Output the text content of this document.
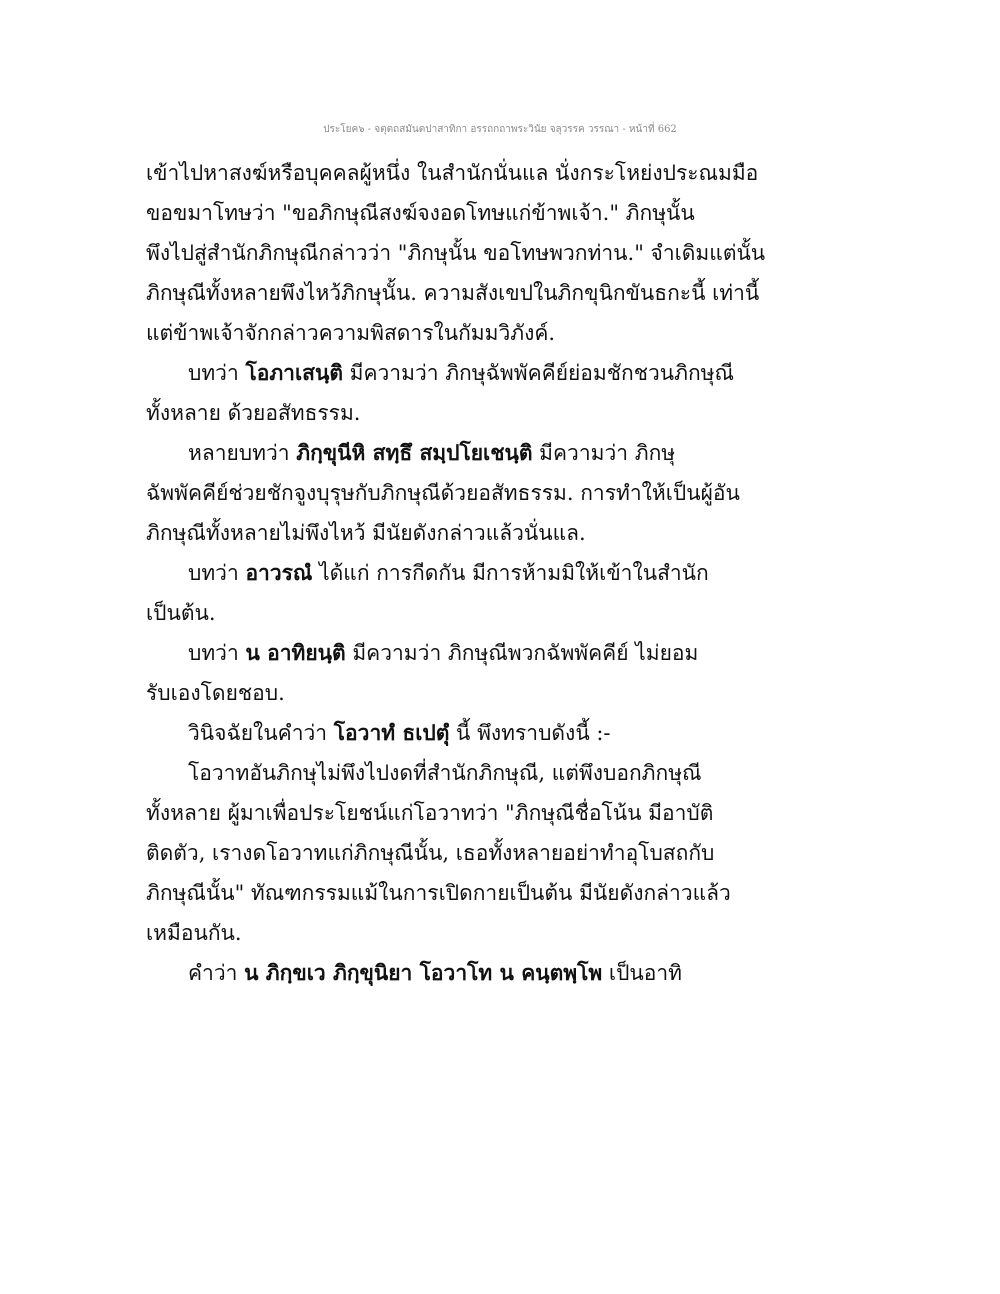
ประโยค๖ - จตุตถสมันตปาสาทิกา อรรถกถาพระวินัย จลุวรรค วรรณา - หน้าที่ 662
เข้าไปหาสงฆ์หรือบุคคลผู้หนึ่ง ในสำนักนั่นแล นั่งกระโหย่งประณมมือ
ขอขมาโทษว่า "ขอภิกษุณีสงฆ์จงอดโทษแก่ข้าพเจ้า." ภิกษุนั้น
พึงไปสู่สำนักภิกษุณีกล่าวว่า "ภิกษุนั้น ขอโทษพวกท่าน." จำเดิมแต่นั้น
ภิกษุณีทั้งหลายพึงไหว้ภิกษุนั้น. ความสังเขปในภิกขุนิกขันธกะนี้ เท่านี้
แต่ข้าพเจ้าจักกล่าวความพิสดารในกัมมวิภังค์.
บทว่า โอภาเสนฺติ มีความว่า ภิกษุฉัพพัคคีย์ย่อมชักชวนภิกษุณี
ทั้งหลาย ด้วยอสัทธรรม.
หลายบทว่า ภิกฺขุนีหิ สทฺธึ สมฺปโยเชนฺติ มีความว่า ภิกษุ
ฉัพพัคคีย์ช่วยชักจูงบุรุษกับภิกษุณีด้วยอสัทธรรม. การทำให้เป็นผู้อัน
ภิกษุณีทั้งหลายไม่พึงไหว้ มีนัยดังกล่าวแล้วนั่นแล.
บทว่า อาวรณํ ได้แก่ การกีดกัน มีการห้ามมิให้เข้าในสำนัก
เป็นต้น.
บทว่า น อาทิยนฺติ มีความว่า ภิกษุณีพวกฉัพพัคคีย์ ไม่ยอม
รับเองโดยชอบ.
วินิจฉัยในคำว่า โอวาทํ ธเปตุํ นี้ พึงทราบดังนี้ :-
โอวาทอันภิกษุไม่พึงไปงดที่สำนักภิกษุณี, แต่พึงบอกภิกษุณี
ทั้งหลาย ผู้มาเพื่อประโยชน์แก่โอวาทว่า "ภิกษุณีชื่อโน้น มีอาบัติ
ติดตัว, เรางดโอวาทแก่ภิกษุณีนั้น, เธอทั้งหลายอย่าทำอุโบสถกับ
ภิกษุณีนั้น" ทัณฑกรรมแม้ในการเปิดกายเป็นต้น มีนัยดังกล่าวแล้ว
เหมือนกัน.
คำว่า น ภิกฺขเว ภิกฺขุนิยา โอวาโท น คนฺตพฺโพ เป็นอาทิ
